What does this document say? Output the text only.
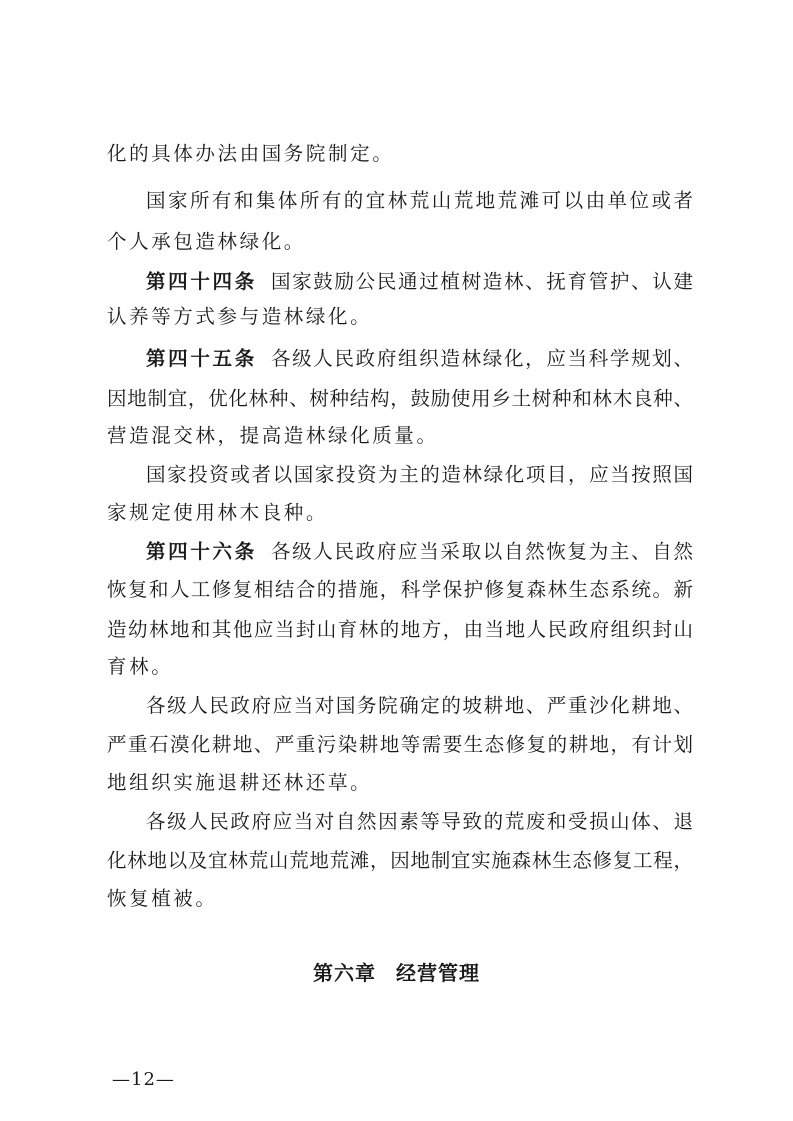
化的具体办法由国务院制定。
国家所有和集体所有的宜林荒山荒地荒滩可以由单位或者
个人承包造林绿化。
第四十四条 国家鼓励公民通过植树造林、抚育管护、认建
认养等方式参与造林绿化。
第四十五条 各级人民政府组织造林绿化，应当科学规划、
因地制宜，优化林种、树种结构，鼓励使用乡土树种和林木良种、
营造混交林，提高造林绿化质量。
国家投资或者以国家投资为主的造林绿化项目，应当按照国
家规定使用林木良种。
第四十六条 各级人民政府应当采取以自然恢复为主、自然
恢复和人工修复相结合的措施，科学保护修复森林生态系统。新
造幼林地和其他应当封山育林的地方，由当地人民政府组织封山
育林。
各级人民政府应当对国务院确定的坡耕地、严重沙化耕地、
严重石漠化耕地、严重污染耕地等需要生态修复的耕地，有计划
地组织实施退耕还林还草。
各级人民政府应当对自然因素等导致的荒废和受损山体、退
化林地以及宜林荒山荒地荒滩，因地制宜实施森林生态修复工程，
恢复植被。
第六章 经营管理
—12—
